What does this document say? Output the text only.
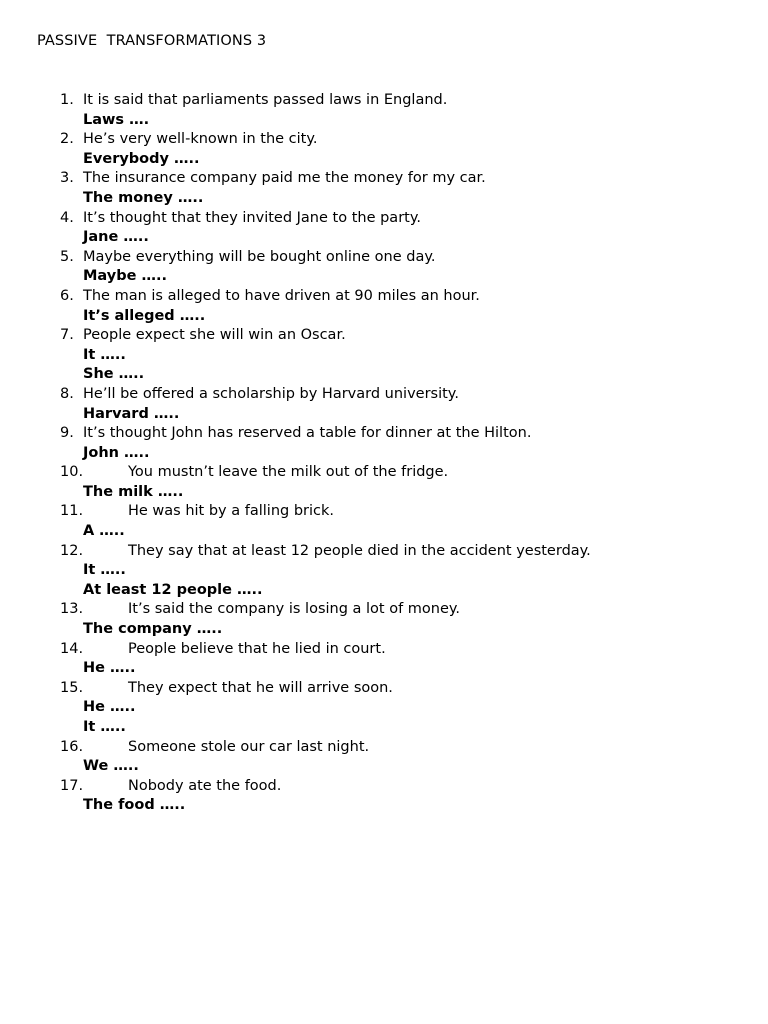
PASSIVE  TRANSFORMATIONS 3
1. It is said that parliaments passed laws in England.
Laws ….
2. He’s very well-known in the city.
Everybody …..
3. The insurance company paid me the money for my car.
The money …..
4. It’s thought that they invited Jane to the party.
Jane …..
5. Maybe everything will be bought online one day.
Maybe …..
6. The man is alleged to have driven at 90 miles an hour.
It’s alleged …..
7. People expect she will win an Oscar.
It …..
She …..
8. He’ll be offered a scholarship by Harvard university.
Harvard …..
9. It’s thought John has reserved a table for dinner at the Hilton.
John …..
10.	You mustn’t leave the milk out of the fridge.
The milk …..
11.	He was hit by a falling brick.
A …..
12.	They say that at least 12 people died in the accident yesterday.
It …..
At least 12 people …..
13.	It’s said the company is losing a lot of money.
The company …..
14.	People believe that he lied in court.
He …..
15.	They expect that he will arrive soon.
He …..
It …..
16.	Someone stole our car last night.
We …..
17.	Nobody ate the food.
The food …..
